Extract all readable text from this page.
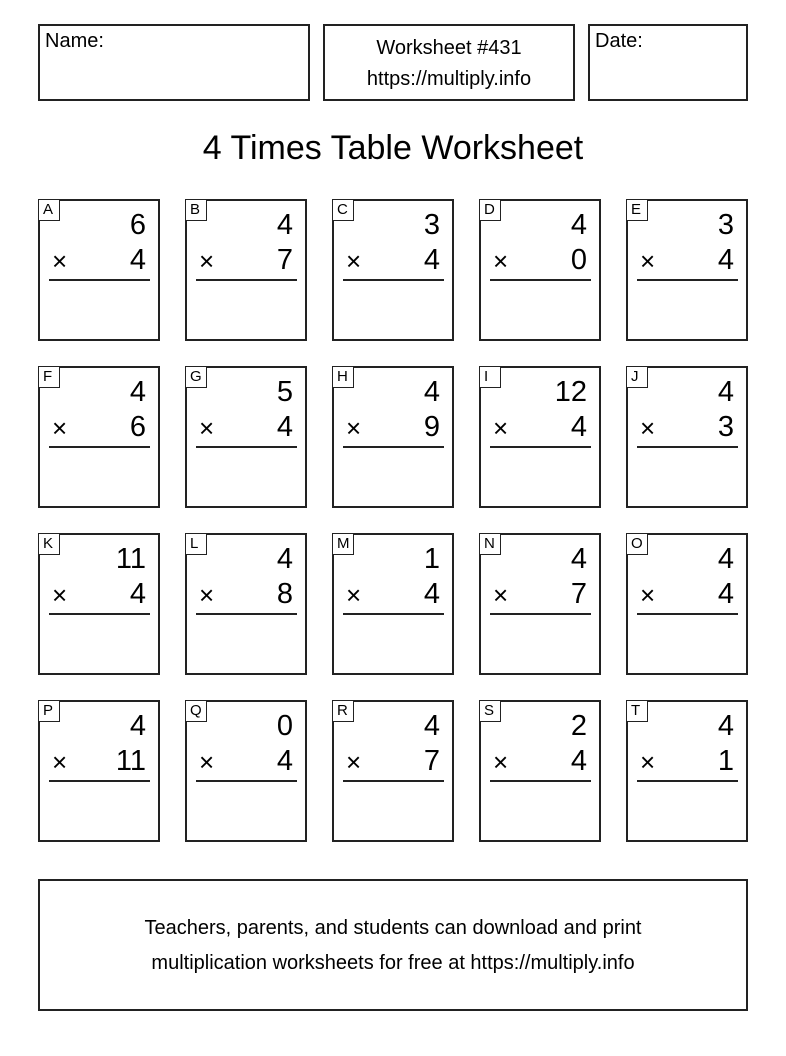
Name:	Worksheet #431
https://multiply.info
Date:
4 Times Table Worksheet
A	6
× 4
B	4
× 7
C	3
× 4
D	4
× 0
E	3
× 4
F	4
× 6
G	5
× 4
H	4
× 9
I	12
× 4
J	4
× 3
K 11
× 4
L	4
× 8
M	1
× 4
N	4
× 7
O	4
× 4
P	4
× 11
Q	0
× 4
R	4
× 7
S	2
× 4
T	4
× 1
Teachers, parents, and students can download and print
multiplication worksheets for free at https://multiply.info
